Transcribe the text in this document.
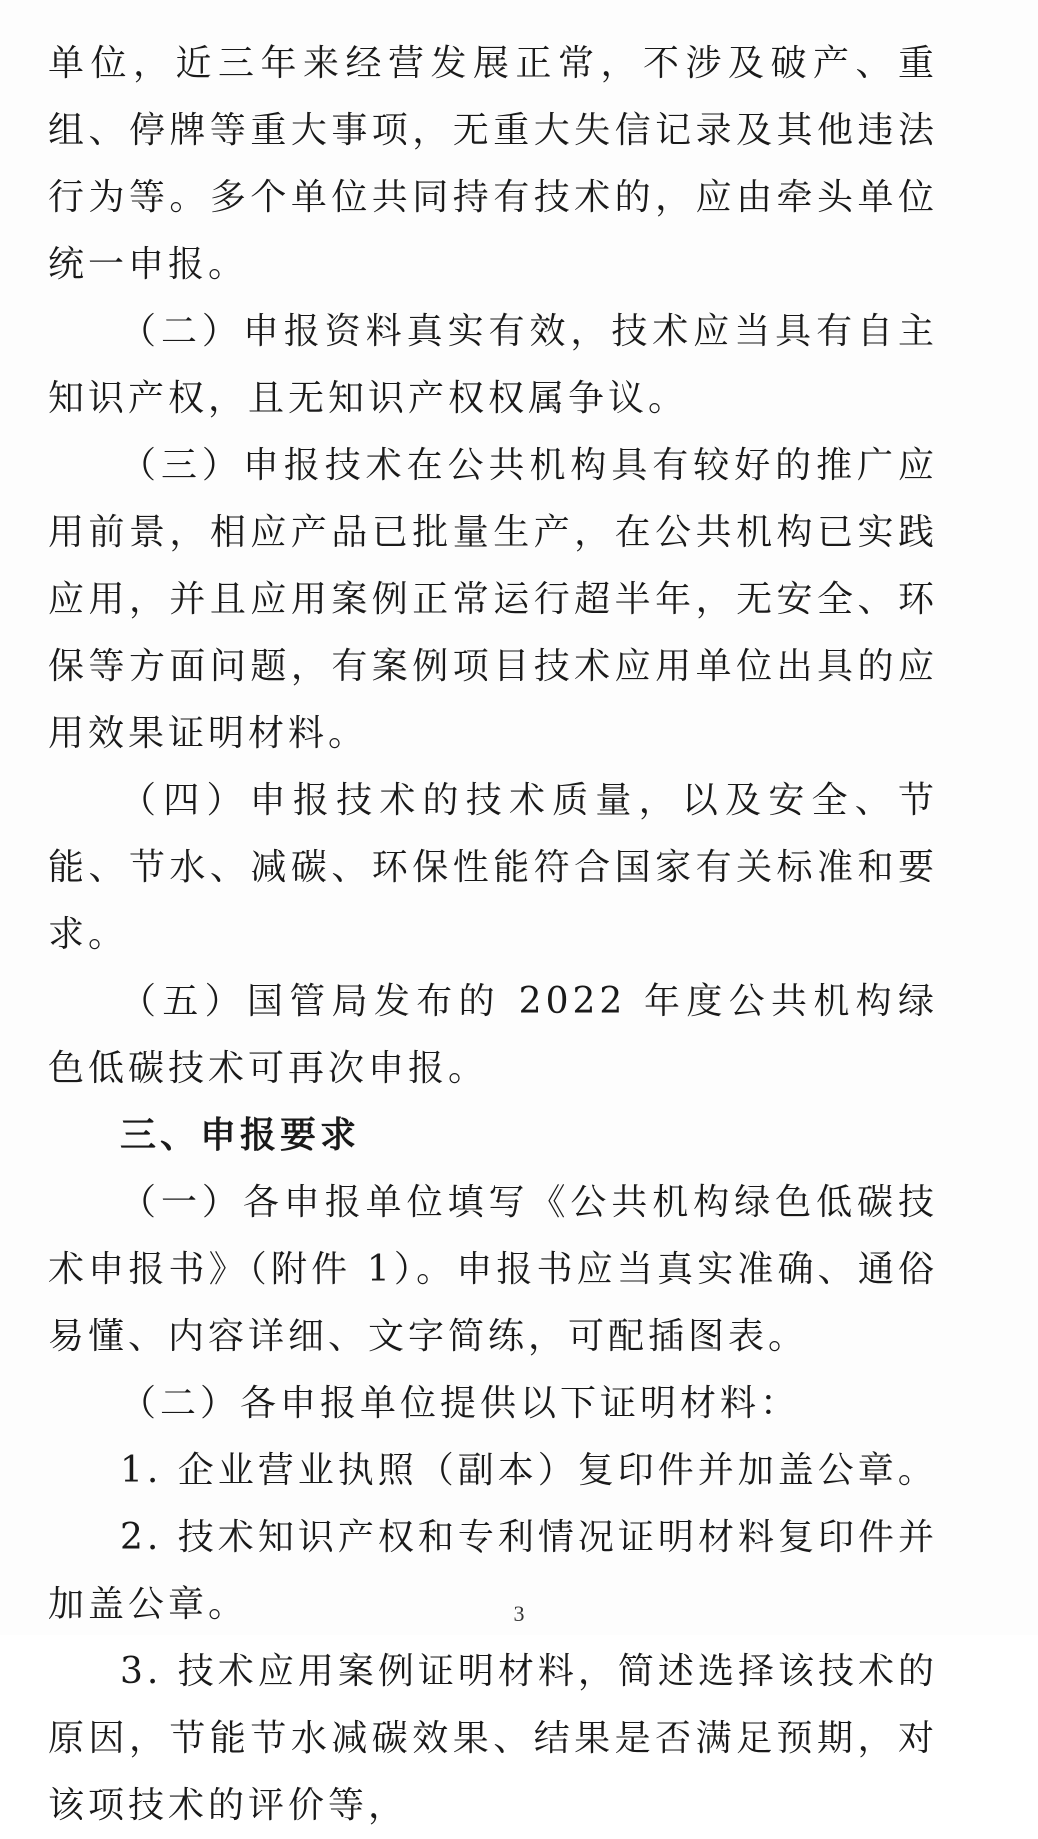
单位，近三年来经营发展正常，不涉及破产、重组、停牌等重大事项，无重大失信记录及其他违法行为等。多个单位共同持有技术的，应由牵头单位统一申报。

（二）申报资料真实有效，技术应当具有自主知识产权，且无知识产权权属争议。

（三）申报技术在公共机构具有较好的推广应用前景，相应产品已批量生产，在公共机构已实践应用，并且应用案例正常运行超半年，无安全、环保等方面问题，有案例项目技术应用单位出具的应用效果证明材料。

（四）申报技术的技术质量，以及安全、节能、节水、减碳、环保性能符合国家有关标准和要求。

（五）国管局发布的 2022 年度公共机构绿色低碳技术可再次申报。

三、申报要求

（一）各申报单位填写《公共机构绿色低碳技术申报书》（附件 1）。申报书应当真实准确、通俗易懂、内容详细、文字简练，可配插图表。

（二）各申报单位提供以下证明材料：

1. 企业营业执照（副本）复印件并加盖公章。

2. 技术知识产权和专利情况证明材料复印件并加盖公章。

3. 技术应用案例证明材料，简述选择该技术的原因，节能节水减碳效果、结果是否满足预期，对该项技术的评价等，

3
